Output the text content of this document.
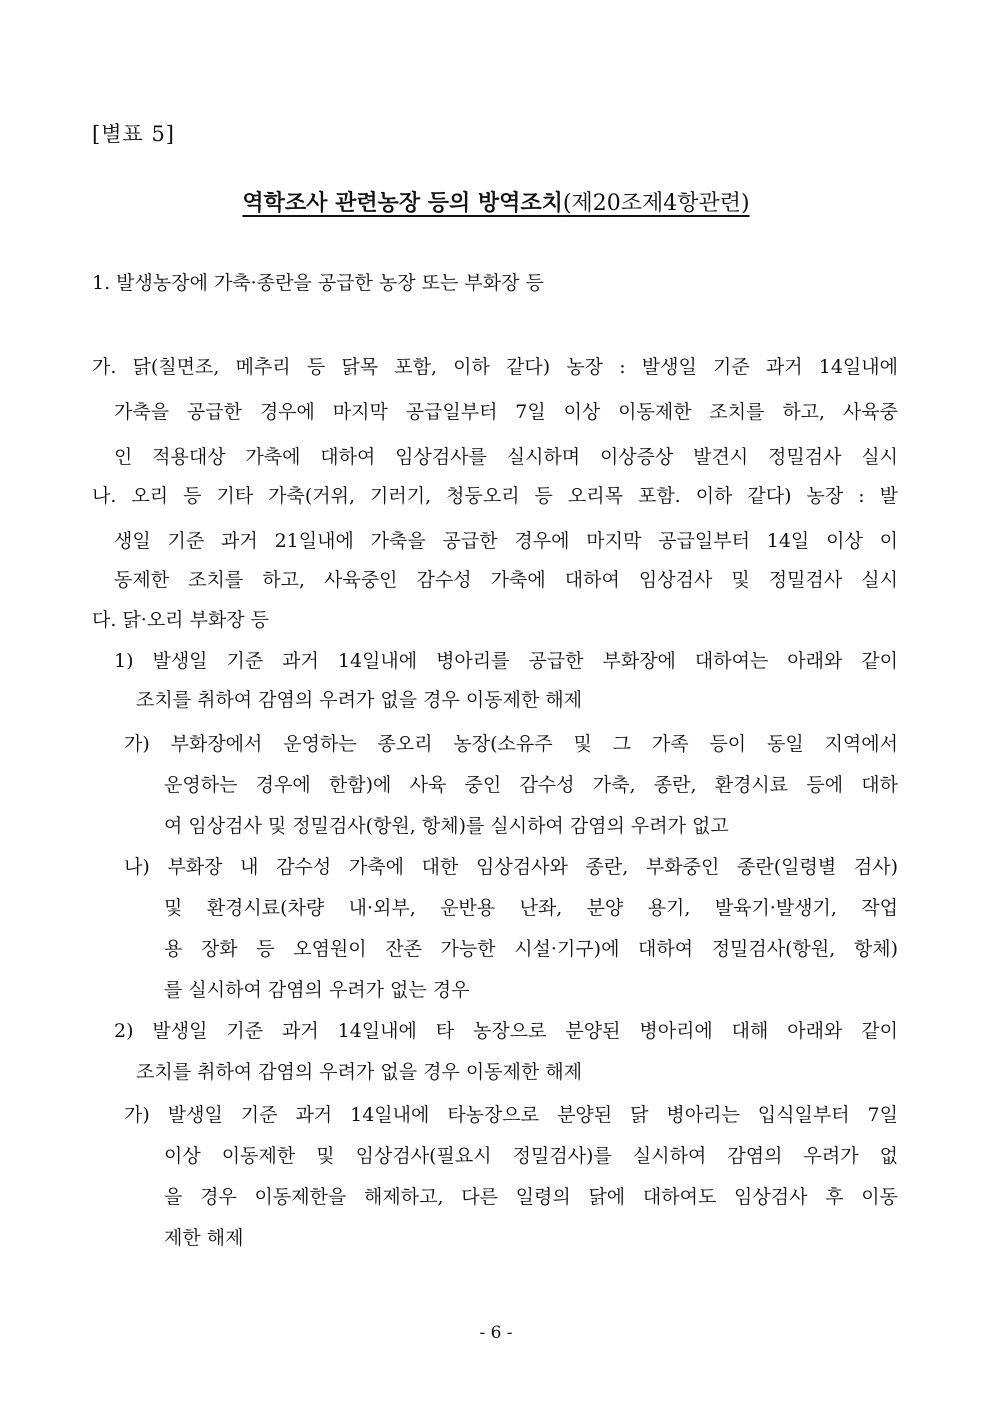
[별표 5]
역학조사 관련농장 등의 방역조치(제20조제4항관련)
1. 발생농장에 가축·종란을 공급한 농장 또는 부화장 등
가. 닭(칠면조, 메추리 등 닭목 포함, 이하 같다) 농장 : 발생일 기준 과거 14일내에
가축을 공급한 경우에 마지막 공급일부터 7일 이상 이동제한 조치를 하고, 사육중
인 적용대상 가축에 대하여 임상검사를 실시하며 이상증상 발견시 정밀검사 실시
나. 오리 등 기타 가축(거위, 기러기, 청둥오리 등 오리목 포함. 이하 같다) 농장 : 발
생일 기준 과거 21일내에 가축을 공급한 경우에 마지막 공급일부터 14일 이상 이
동제한 조치를 하고, 사육중인 감수성 가축에 대하여 임상검사 및 정밀검사 실시
다. 닭·오리 부화장 등
1) 발생일 기준 과거 14일내에 병아리를 공급한 부화장에 대하여는 아래와 같이
조치를 취하여 감염의 우려가 없을 경우 이동제한 해제
가) 부화장에서 운영하는 종오리 농장(소유주 및 그 가족 등이 동일 지역에서
운영하는 경우에 한함)에 사육 중인 감수성 가축, 종란, 환경시료 등에 대하
여 임상검사 및 정밀검사(항원, 항체)를 실시하여 감염의 우려가 없고
나) 부화장 내 감수성 가축에 대한 임상검사와 종란, 부화중인 종란(일령별 검사)
및 환경시료(차량 내·외부, 운반용 난좌, 분양 용기, 발육기·발생기, 작업
용 장화 등 오염원이 잔존 가능한 시설·기구)에 대하여 정밀검사(항원, 항체)
를 실시하여 감염의 우려가 없는 경우
2) 발생일 기준 과거 14일내에 타 농장으로 분양된 병아리에 대해 아래와 같이
조치를 취하여 감염의 우려가 없을 경우 이동제한 해제
가) 발생일 기준 과거 14일내에 타농장으로 분양된 닭 병아리는 입식일부터 7일
이상 이동제한 및 임상검사(필요시 정밀검사)를 실시하여 감염의 우려가 없
을 경우 이동제한을 해제하고, 다른 일령의 닭에 대하여도 임상검사 후 이동
제한 해제
- 6 -
